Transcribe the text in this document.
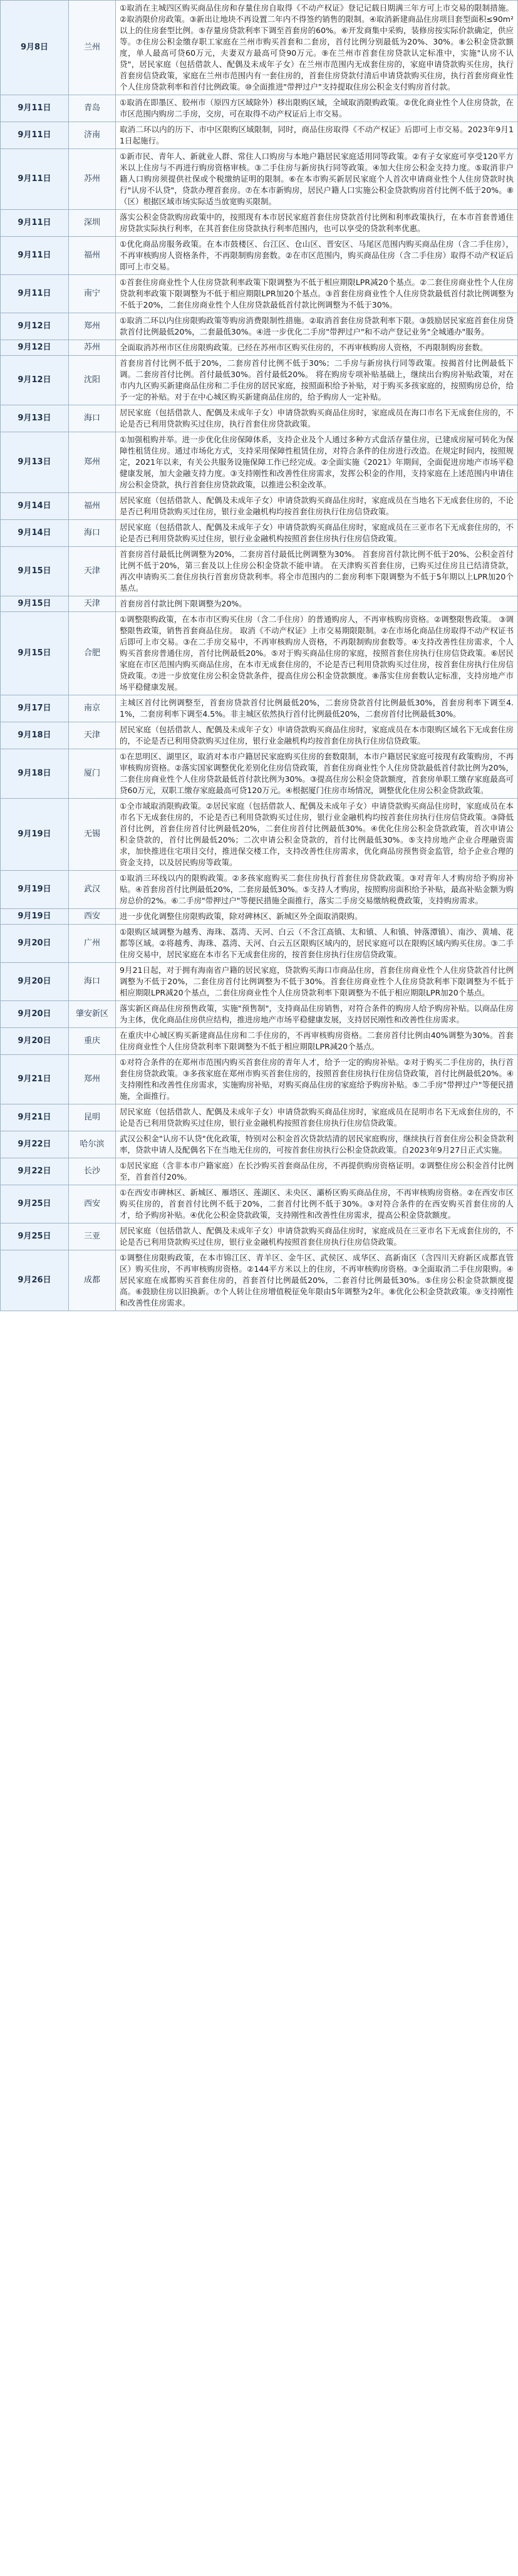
9月8日	兰州	①取消在主城四区购买商品住房和存量住房自取得《不动产权证》登记记载日期满三年方可上市交易的限制措施。②取消限价房政策。③新出让地块不再设置二年内不得签约销售的限制。④取消新建商品住房项目套型面积≤90m²以上的住房套型比例。⑤存量房贷款利率下调至首套房的60%。⑥开发商集中采购，装修房按实际价款确定，供应等。⑦住房公积金缴存职工家庭在兰州市购买首套和二套房，首付比例分别最低为20%、30%。⑧公积金贷款额度，单人最高可贷60万元，夫妻双方最高可贷90万元。⑨在兰州市首套住房贷款认定标准中，实施"认房不认贷"，居民家庭（包括借款人、配偶及未成年子女）在兰州市范围内无成套住房的，家庭申请贷款购买住房，执行首套房信贷政策，家庭在兰州市范围内有一套住房的，首套住房贷款付清后申请贷款购买住房，执行首套房商业性个人住房贷款利率和首付比例政策。⑩全面推进"带押过户"支持提取住房公积金支付购房首付款。
9月11日	青岛	①取消在即墨区、胶州市（原四方区域除外）移出限购区域，全域取消限购政策。②优化商业性个人住房贷款，在市区范围内购房二手房，交房，可在取得不动产权证后上市交易。
9月11日	济南	取消二环以内的历下、市中区限购区域限制，同时，商品住房取得《不动产权证》后即可上市交易。2023年9月11日起施行。
9月11日	苏州	①新市民、青年人、新就业人群、常住人口购房与本地户籍居民家庭适用同等政策。②有子女家庭可享受120平方米以上住房与不再进行购房资格审核。③二手住房与新房执行同等政策。④加大住房公积金支持力度。⑤取消非户籍人口购房须提供社保或个税缴纳证明的限制。⑥在本市购买新居民家庭个人首次申请商业性个人住房贷款时执行"认房不认贷"，贷款办理首套房。⑦在本市新购房，居民户籍人口实施公积金贷款购房首付比例不低于20%。⑧（区）根据区域市场实际适当放宽购买限制。
9月11日	深圳	落实公积金贷款购房政策中的，按照现有本市居民家庭首套住房贷款首付比例和利率政策执行，在本市首套普通住房贷款实际执行利率，在其首套住房贷款执行利率范围内，也可以享受的贷款利率优惠。
9月11日	福州	①优化商品房服务政策。在本市鼓楼区、台江区、仓山区、晋安区、马尾区范围内购买商品住房（含二手住房），不再审核购房人资格条件，不再限制购房套数。②在市区范围内，购买商品住房（含二手住房）取得不动产权证后即可上市交易。
9月11日	南宁	①首套住房商业性个人住房贷款利率政策下限调整为不低于相应期限LPR减20个基点。②二套住房商业性个人住房贷款利率政策下限调整为不低于相应期限LPR加20个基点。③首套住房商业性个人住房贷款最低首付款比例调整为不低于20%，二套住房商业性个人住房贷款最低首付款比例调整为不低于30%。
9月12日	郑州	①取消二环以内住房限购政策等购房消费限制性措施。②取消首套住房贷款利率下限。③鼓励居民家庭首套住房贷款首付比例最低20%，二套最低30%。④进一步优化二手房"带押过户"和不动产登记业务"全城通办"服务。
9月12日	苏州	全面取消苏州市区住房限购政策。已经在苏州市区购买住房的，不再审核购房人资格，不再限制购房套数。
9月12日	沈阳	首套房首付比例不低于20%，二套房首付比例不低于30%；二手房与新房执行同等政策。按揭首付比例最低下调。二套房首付比例。首付最低30%。首付最低20%。 将在购房专项补贴基础上，继续出台购房补贴政策，对在市内九区购买新建商品住房和二手住房的居民家庭，按照面积给予补贴，对于购买多孩家庭的，按照购房总价，给予一定的补贴。对于在中心城区购买新建商品住房的，给予购房人一定补贴。
9月13日	海口	居民家庭（包括借款人、配偶及未成年子女）申请贷款购买商品住房时，家庭成员在海口市名下无成套住房的，不论是否已利用贷款购买过住房，执行首套住房贷款政策。
9月13日	郑州	①加强租购并举。进一步优化住房保障体系，支持企业及个人通过多种方式盘活存量住房，已建成房屋可转化为保障性租赁住房。通过市场化方式，支持采用保障性租赁住房，对符合条件的住房进行改造。在规定时间内，按照规定，2021年以来，有关公共服务设施保障工作已经完成。②全面实施《2021》年期间，全面促进房地产市场平稳健康发展，加大金融支持力度。③支持刚性和改善性住房需求，发挥公积金的作用，支持家庭在上述范围内申请住房公积金贷款，执行首套住房贷款政策，以推进公积金改革。
9月14日	福州	居民家庭（包括借款人、配偶及未成年子女）申请贷款购买商品住房时，家庭成员在当地名下无成套住房的，不论是否已利用贷款购买过住房，银行业金融机构均按首套住房执行住房信贷政策。
9月14日	海口	居民家庭（包括借款人、配偶及未成年子女）申请贷款购买商品住房时，家庭成员在三亚市名下无成套住房的，不论是否已利用贷款购买过住房，银行业金融机构按照首套住房执行住房信贷政策。
9月15日	天津	首套房首付最低比例调整为20%，二套房首付最低比例调整为30%。 首套房首付款比例不低于20%、公积金首付比例不低于20%，第三套及以上住房公积金贷款不能申请。 在天津购买首套住房，已购买过住房且已结清贷款，再次申请购买二套住房执行首套房贷款利率。将全市范围内的二套房利率下限调整为不低于5年期以上LPR加20个基点。
9月15日	天津	首套房首付款比例下限调整为20%。
9月15日	合肥	①调整限购政策，在本市市区购买住房（含二手住房）的普通购房人，不再审核购房资格。②调整限售政策。 ③调整限售政策，销售首套商品住房。 取消《不动产权证》上市交易期限限制。②在市场化商品住房取得不动产权证书后即可上市交易。③在二手房交易中，不再审核购房人资格，不再限制购房套数等。④支持改善性住房需求，个人购买首套房普通住房，首付比例最低20%。⑤对于购买商品住房的家庭，按照首套住房执行住房信贷政策。⑥居民家庭在市区范围内购买商品住房，在本市无成套住房的，不论是否已利用贷款购买过住房，按首套住房执行住房信贷政策。⑦进一步放宽住房公积金贷款条件，提高住房公积金贷款额度。⑧落实住房套数认定标准，支持房地产市场平稳健康发展。
9月17日	南京	主城区首付比例调整至，首套房贷款首付比例最低20%，二套房贷款首付比例最低30%，首套房利率下调至4.1%，二套房利率下调至4.5%。非主城区依然执行首付比例最低20%，二套房首付比例最低30%。
9月18日	天津	居民家庭（包括借款人、配偶及未成年子女）申请贷款购买商品住房时，家庭成员在本市限购区域名下无成套住房的，不论是否已利用贷款购买过住房，银行业金融机构均按首套住房执行住房信贷政策。
9月18日	厦门	①在思明区、湖里区，取消对本市户籍居民家庭购买住房的套数限制，本市户籍居民家庭可按现有政策购房，不再审核购房资格。②落实国家调整优化差别化住房信贷政策，首套住房商业性个人住房贷款最低首付款比例为20%，二套住房商业性个人住房贷款最低首付款比例为30%。③提高住房公积金贷款额度，首套房单职工缴存家庭最高可贷60万元，双职工缴存家庭最高可贷120万元。④根据厦门住房市场情况，调整优化住房公积金贷款政策。
9月19日	无锡	①全市域取消限购政策。②居民家庭（包括借款人、配偶及未成年子女）申请贷款购买商品住房时，家庭成员在本市名下无成套住房的，不论是否已利用贷款购买过住房，银行业金融机构均按首套住房执行住房信贷政策。③降低首付比例，首套住房首付比例最低20%，二套住房首付比例最低30%。④优化住房公积金贷款政策，首次申请公积金贷款的，首付比例最低20%；二次申请公积金贷款的，首付比例最低30%。⑤支持房地产企业合理融资需求，加快推进住宅项目交付，推进保交楼工作，支持改善性住房需求，优化商品房预售资金监管，给予企业合理的资金支持，以及居民购房等政策。
9月19日	武汉	①取消三环线以内的限购政策。②多孩家庭购买二套住房执行首套住房贷款政策。③对青年人才购房给予购房补贴。④首套房首付比例最低20%，二套房最低30%。⑤支持人才购房，按照购房面积给予补贴，最高补贴金额为购房总价的2%。⑥二手房"带押过户"等便民措施全面推行，落实二手房交易缴纳税费政策，支持购房需求。
9月19日	西安	进一步优化调整住房限购政策，除对碑林区、新城区外全面取消限购。
9月20日	广州	①限购区域调整为越秀、海珠、荔湾、天河、白云（不含江高镇、太和镇、人和镇、钟落潭镇）、南沙、黄埔、花都等区域。②将越秀、海珠、荔湾、天河、白云五区限购区域内的，居民家庭可以在限购区域内购买住房。③二手住房交易中，居民家庭在本市名下无成套住房的，按首套住房执行住房信贷政策。
9月20日	海口	9月21日起，对于拥有海南省户籍的居民家庭，贷款购买海口市商品住房，首套住房商业性个人住房贷款首付比例调整为不低于20%，二套住房首付比例调整为不低于30%。首套住房商业性个人住房贷款利率下限调整为不低于相应期限LPR减20个基点，二套住房商业性个人住房贷款利率下限调整为不低于相应期限LPR加20个基点。
9月20日	肇安新区	落实新区商品住房预售政策，实施"预售制"，支持商品住房销售，对符合条件的购房人给予购房补贴。以商品住房为主体，优化商品住房供应结构，推进房地产市场平稳健康发展，支持居民刚性和改善性住房需求。
9月20日	重庆	在重庆中心城区购买新建商品住房和二手住房的，不再审核购房资格。二套房首付比例由40%调整为30%。首套住房商业性个人住房贷款利率下限调整为不低于相应期限LPR减20个基点。
9月21日	郑州	①对符合条件的在郑州市范围内购买首套住房的青年人才，给予一定的购房补贴。②对于购买二手住房的，执行首套住房贷款政策。③多孩家庭在郑州市购买首套住房的，按照首套住房执行住房信贷政策，首付比例最低20%。④支持刚性和改善性住房需求，实施购房补贴，对购买商品住房的家庭给予购房补贴。⑤二手房"带押过户"等便民措施，全面推行。
9月21日	昆明	居民家庭（包括借款人、配偶及未成年子女）申请贷款购买商品住房时，家庭成员在昆明市名下无成套住房的，不论是否已利用贷款购买过住房，银行业金融机构按照首套住房执行住房信贷政策。
9月22日	哈尔滨	武汉公积金"认房不认贷"优化政策，特别对公积金首次贷款结清的居民家庭购房，继续执行首套住房公积金贷款利率，贷款申请人及配偶名下在当地无住房的，可按首套住房执行公积金贷款政策。自2023年9月27日正式实施。
9月22日	长沙	①居民家庭（含非本市户籍家庭）在长沙购买首套商品住房，不再提供购房资格证明。②调整住房公积金首付比例至，首套首付20%。
9月25日	西安	①在西安市碑林区、新城区、雁塔区、莲湖区、未央区、灞桥区购买商品住房，不再审核购房资格。②在西安市区购买住房的，首套首付比例不低于20%，二套首付比例不低于30%。③对符合条件的在西安购买首套住房的人才，给予购房补贴。④优化公积金贷款政策，支持刚性和改善性住房需求，提高公积金贷款额度。
9月25日	三亚	居民家庭（包括借款人、配偶及未成年子女）申请贷款购买商品住房时，家庭成员在三亚市名下无成套住房的，不论是否已利用贷款购买过住房，银行业金融机构按照首套住房执行住房信贷政策。
9月26日	成都	①调整住房限购政策，在本市锦江区、青羊区、金牛区、武侯区、成华区、高新南区（含四川天府新区成都直管区）购买住房，不再审核购房资格。②144平方米以上的住房，不再审核购房资格。③全面取消二手住房限购。④居民家庭在成都购买首套住房的，首套首付比例最低20%，二套首付比例最低30%。⑤住房公积金贷款额度提高。⑥鼓励住房以旧换新。⑦个人转让住房增值税征免年限由5年调整为2年。⑧优化公积金贷款政策。⑨支持刚性和改善性住房需求。
